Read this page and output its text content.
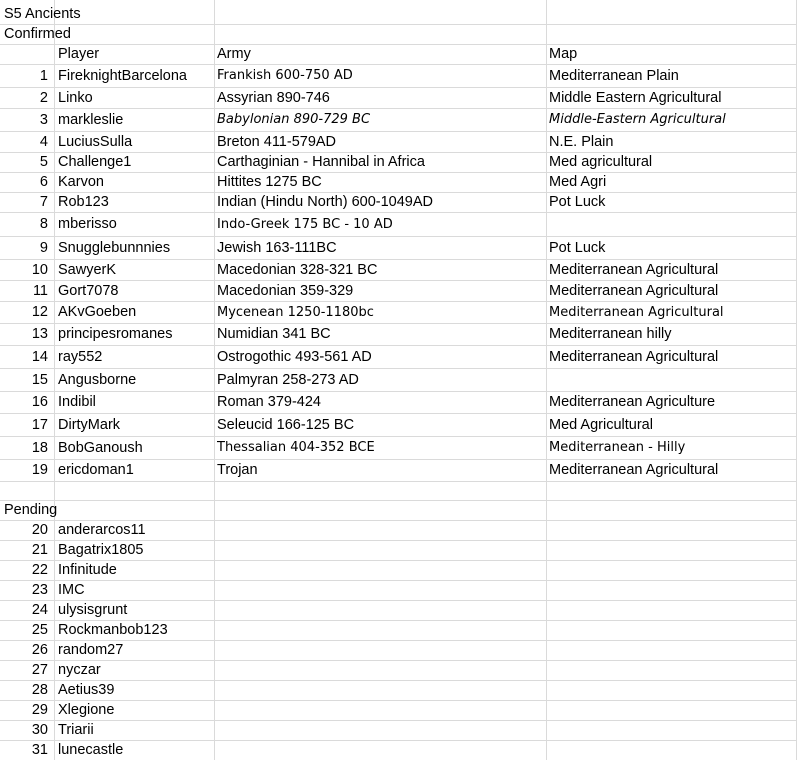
S5 Ancients
Confirmed
Player	Army	Map
1 FireknightBarcelona	Frankish 600-750 AD	Mediterranean Plain
2 Linko	Assyrian 890-746	Middle Eastern Agricultural
3 markleslie	Babylonian 890-729 BC	Middle-Eastern Agricultural
4 LuciusSulla	Breton 411-579AD	N.E. Plain
5 Challenge1	Carthaginian - Hannibal in Africa	Med agricultural
6 Karvon	Hittites 1275 BC	Med Agri
7 Rob123	Indian (Hindu North) 600-1049AD	Pot Luck
8 mberisso	Indo-Greek 175 BC - 10 AD
9 Snugglebunnnies	Jewish 163-111BC	Pot Luck
10 SawyerK	Macedonian 328-321 BC	Mediterranean Agricultural
11 Gort7078	Macedonian 359-329	Mediterranean Agricultural
12 AKvGoeben	Mycenean 1250-1180bc	Mediterranean Agricultural
13 principesromanes	Numidian 341 BC	Mediterranean hilly
14 ray552	Ostrogothic 493-561 AD	Mediterranean Agricultural
15 Angusborne	Palmyran 258-273 AD
16 Indibil	Roman 379-424	Mediterranean Agriculture
17 DirtyMark	Seleucid 166-125 BC	Med Agricultural
18 BobGanoush	Thessalian 404-352 BCE	Mediterranean - Hilly
19 ericdoman1	Trojan	Mediterranean Agricultural
Pending
20 anderarcos11
21 Bagatrix1805
22 Infinitude
23 IMC
24 ulysisgrunt
25 Rockmanbob123
26 random27
27 nyczar
28 Aetius39
29 Xlegione
30 Triarii
31 lunecastle
